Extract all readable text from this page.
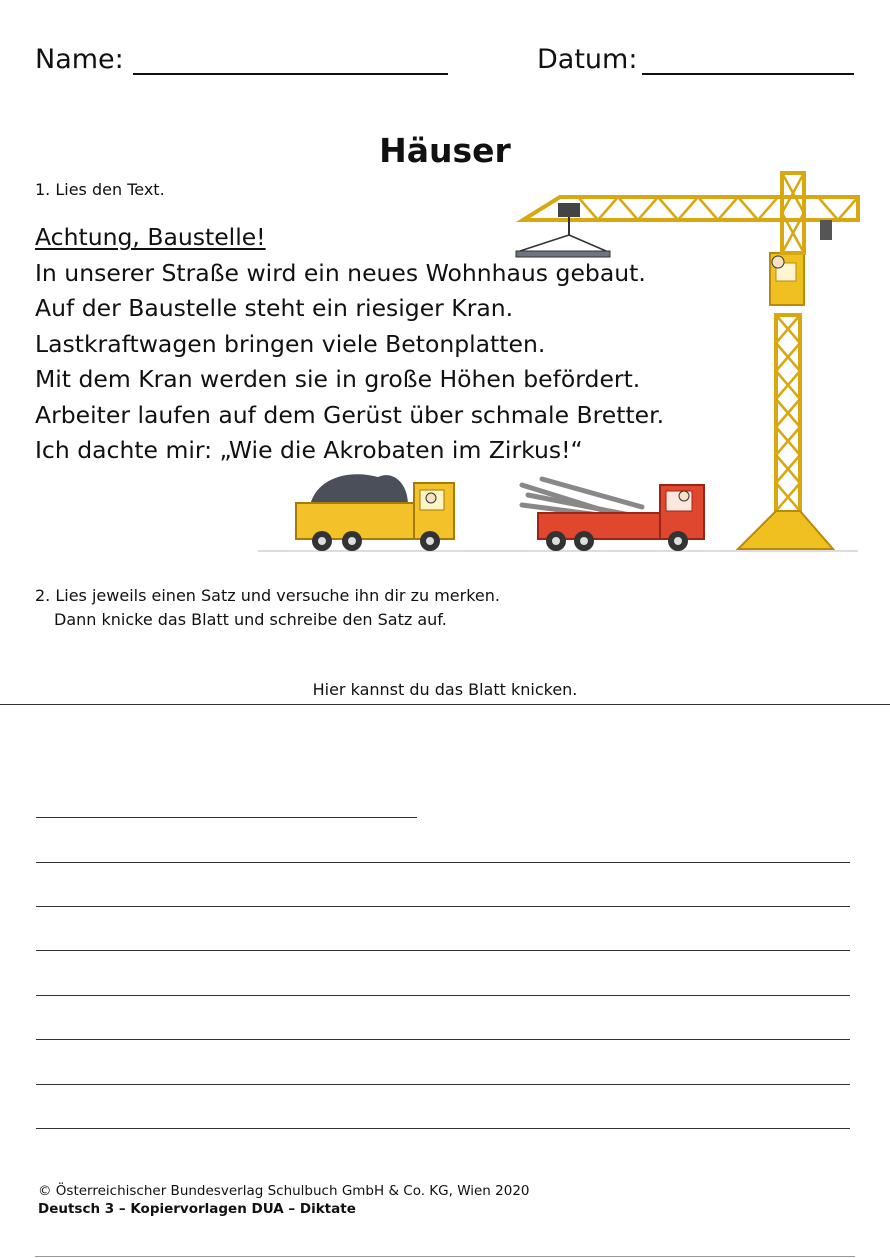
Name:	Datum:
Häuser
1. Lies den Text.
Achtung, Baustelle!
In unserer Straße wird ein neues Wohnhaus gebaut.
Auf der Baustelle steht ein riesiger Kran.
Lastkraftwagen bringen viele Betonplatten.
Mit dem Kran werden sie in große Höhen befördert.
Arbeiter laufen auf dem Gerüst über schmale Bretter.
Ich dachte mir: „Wie die Akrobaten im Zirkus!“
2. Lies jeweils einen Satz und versuche ihn dir zu merken.
Dann knicke das Blatt und schreibe den Satz auf.
Hier kannst du das Blatt knicken.
© Österreichischer Bundesverlag Schulbuch GmbH & Co. KG, Wien 2020
Deutsch 3 – Kopiervorlagen DUA – Diktate
